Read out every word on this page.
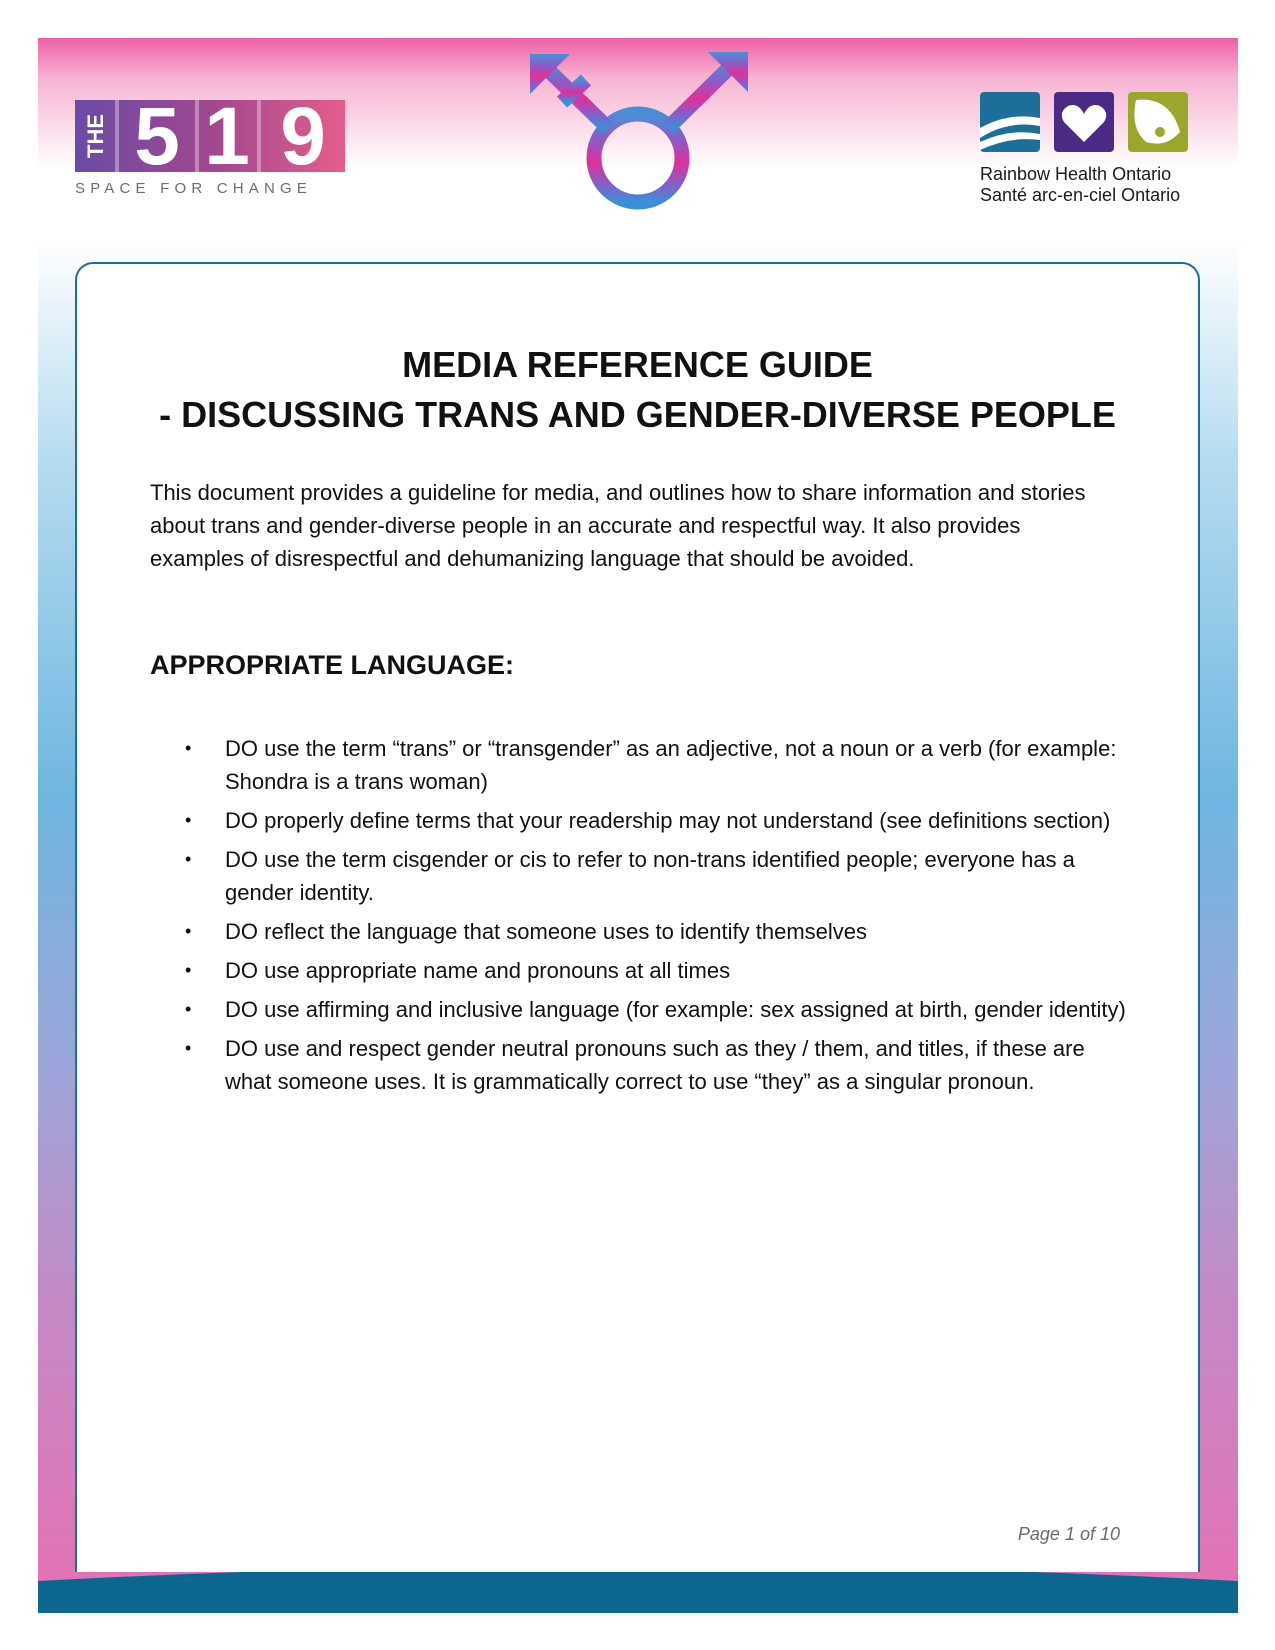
THE 5 1 9
SPACE FOR CHANGE
Rainbow Health Ontario
Santé arc-en-ciel Ontario
MEDIA REFERENCE GUIDE
- DISCUSSING TRANS AND GENDER-DIVERSE PEOPLE

This document provides a guideline for media, and outlines how to share information and stories about trans and gender-diverse people in an accurate and respectful way. It also provides examples of disrespectful and dehumanizing language that should be avoided.

APPROPRIATE LANGUAGE:
• DO use the term “trans” or “transgender” as an adjective, not a noun or a verb (for example: Shondra is a trans woman)
• DO properly define terms that your readership may not understand (see definitions section)
• DO use the term cisgender or cis to refer to non-trans identified people; everyone has a gender identity.
• DO reflect the language that someone uses to identify themselves
• DO use appropriate name and pronouns at all times
• DO use affirming and inclusive language (for example: sex assigned at birth, gender identity)
• DO use and respect gender neutral pronouns such as they / them, and titles, if these are what someone uses. It is grammatically correct to use “they” as a singular pronoun.
Page 1 of 10
